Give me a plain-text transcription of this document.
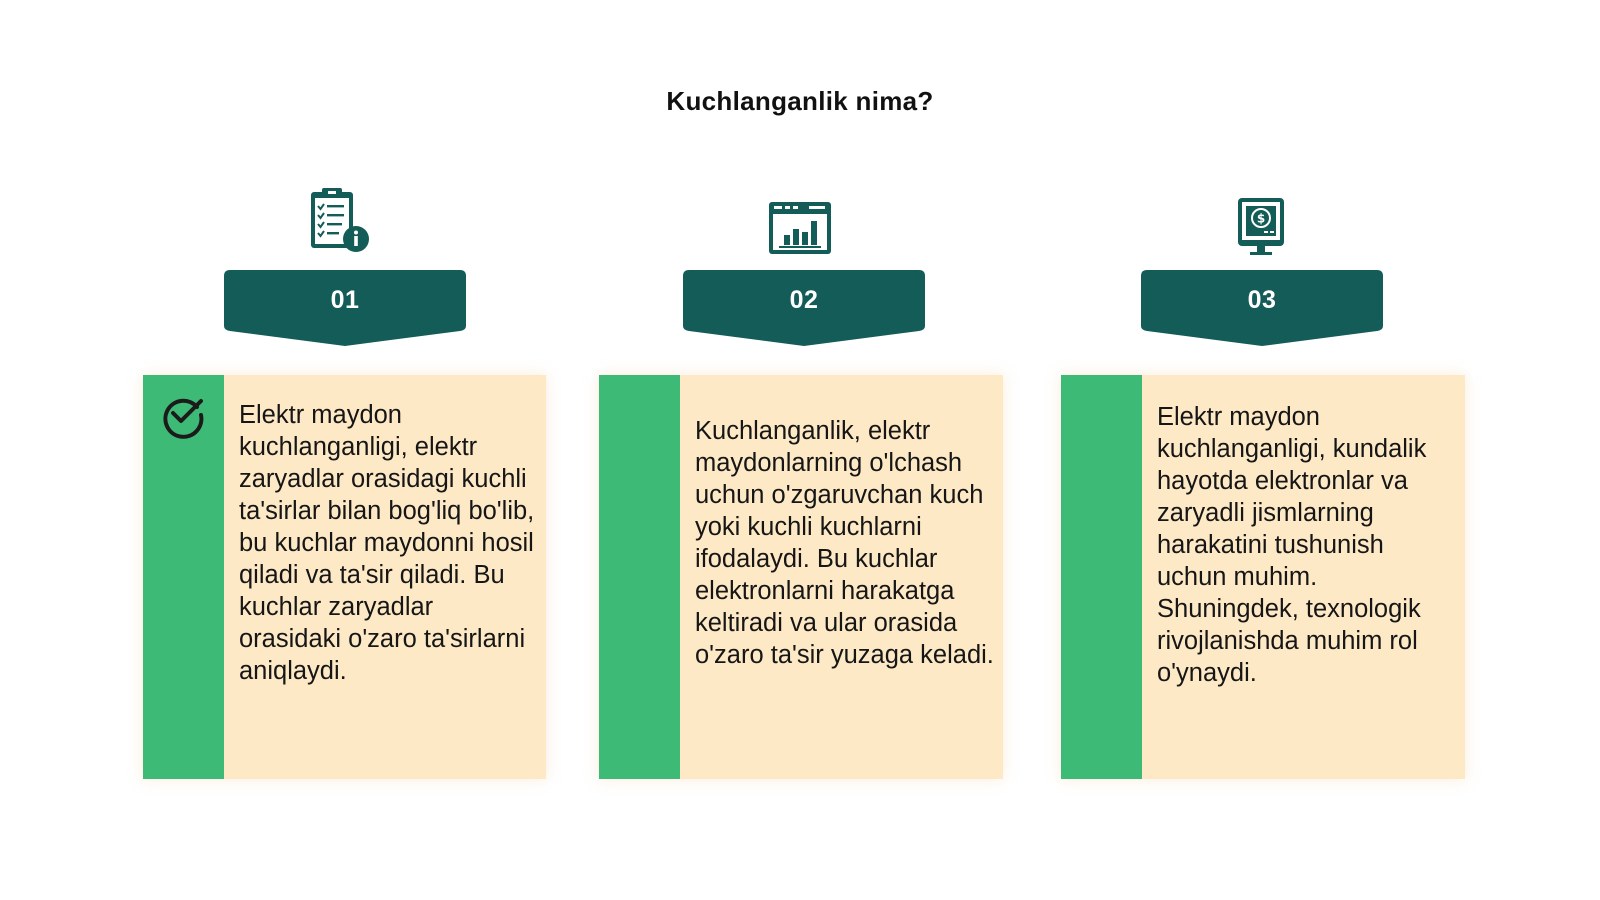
Kuchlanganlik nima?
01
Elektr maydon kuchlanganligi, elektr zaryadlar orasidagi kuchli ta'sirlar bilan bog'liq bo'lib, bu kuchlar maydonni hosil qiladi va ta'sir qiladi. Bu kuchlar zaryadlar orasidaki o'zaro ta'sirlarni aniqlaydi.
02
Kuchlanganlik, elektr maydonlarning o'lchash uchun o'zgaruvchan kuch yoki kuchli kuchlarni ifodalaydi. Bu kuchlar elektronlarni harakatga keltiradi va ular orasida o'zaro ta'sir yuzaga keladi.
$
03
Elektr maydon kuchlanganligi, kundalik hayotda elektronlar va zaryadli jismlarning harakatini tushunish uchun muhim. Shuningdek, texnologik rivojlanishda muhim rol o'ynaydi.
